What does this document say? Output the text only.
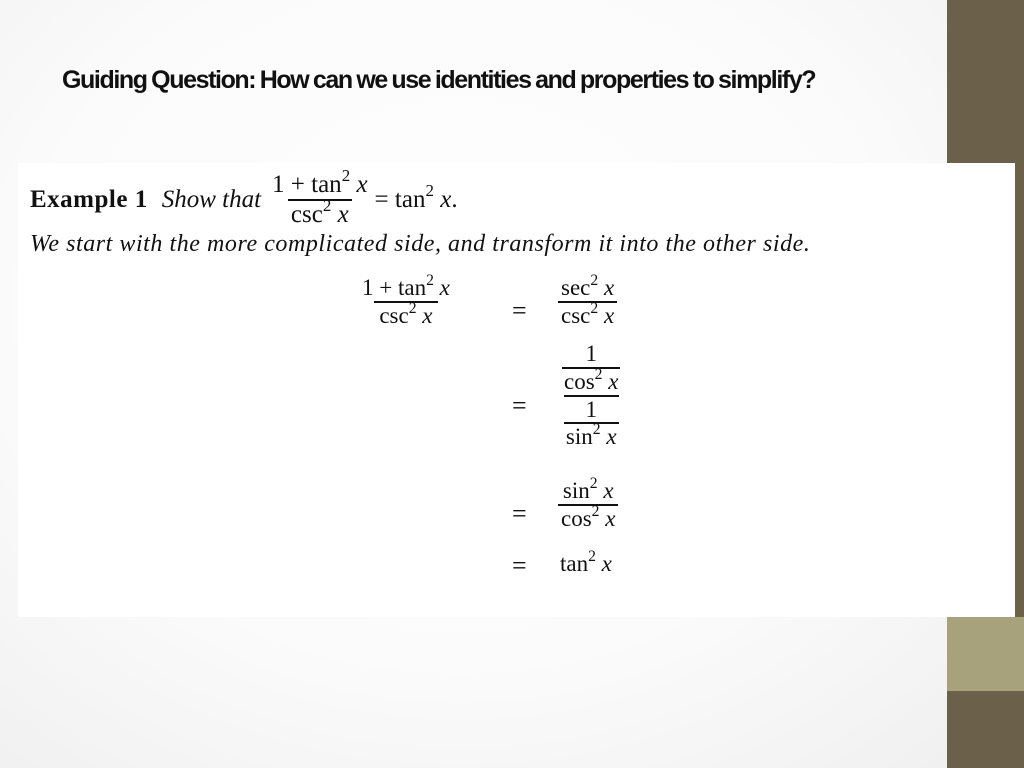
Guiding Question: How can we use identities and properties to simplify?
Example 1 Show that $\frac{1 + \tan^2 x}{\csc^2 x} = \tan^2 x$.

We start with the more complicated side, and transform it into the other side.

$\frac{1 + \tan^2 x}{\csc^2 x} = \frac{\sec^2 x}{\csc^2 x}$
= $\frac{\frac{1}{\cos^2 x}}{\frac{1}{\sin^2 x}}$
= $\frac{\sin^2 x}{\cos^2 x}$
= $\tan^2 x$
